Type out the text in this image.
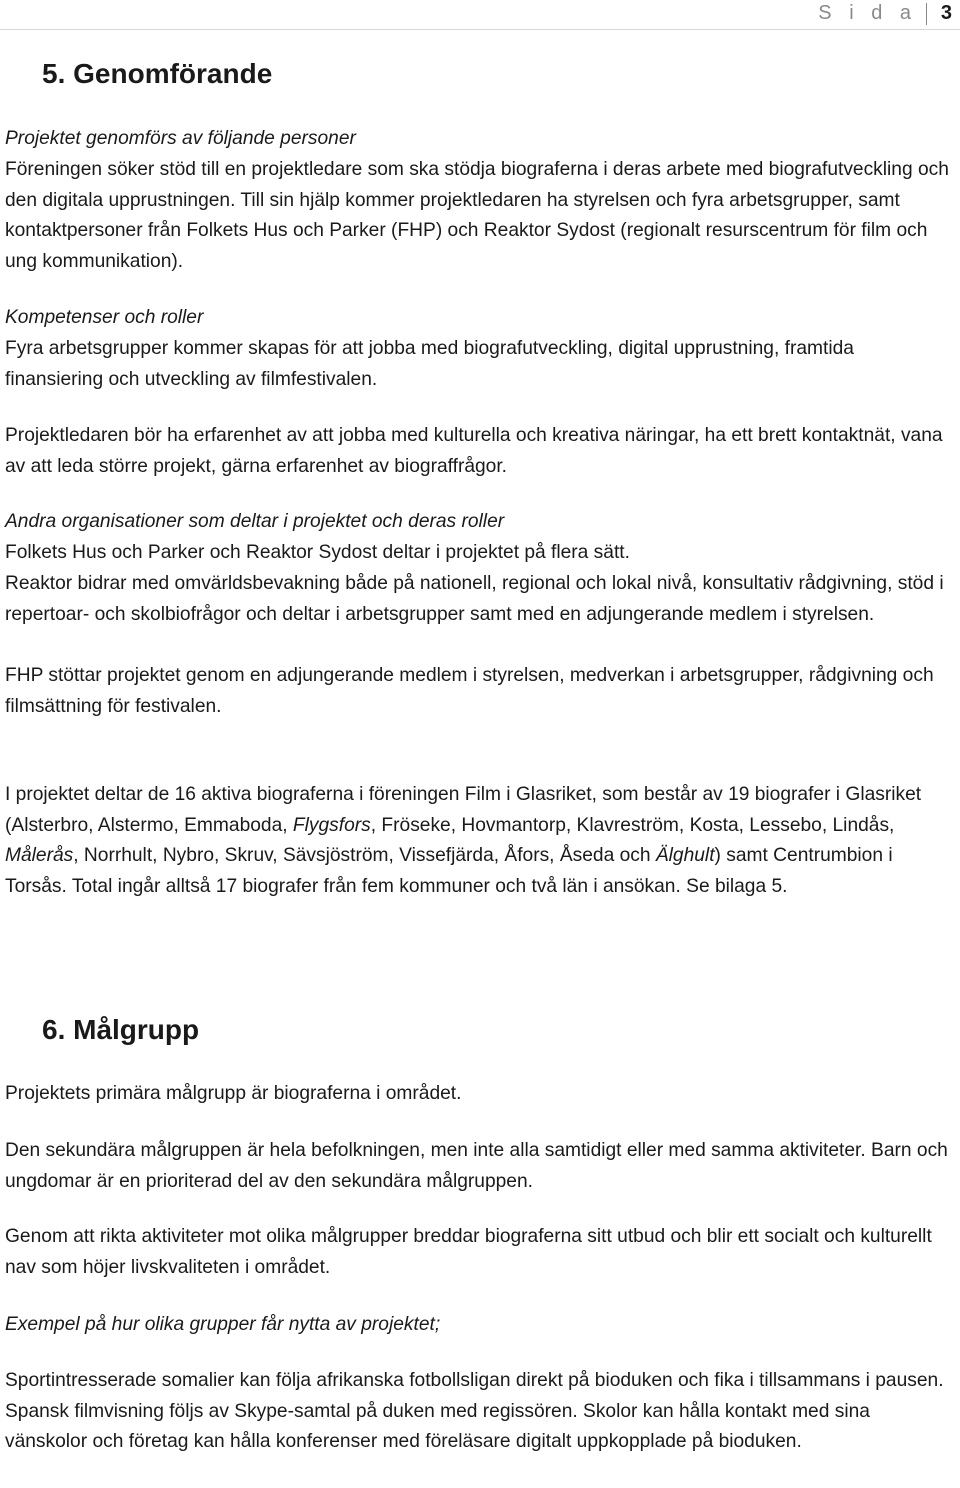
S i d a 3
5. Genomförande

Projektet genomförs av följande personer

Föreningen söker stöd till en projektledare som ska stödja biograferna i deras arbete med biografutveckling och den digitala upprustningen. Till sin hjälp kommer projektledaren ha styrelsen och fyra arbetsgrupper, samt kontaktpersoner från Folkets Hus och Parker (FHP) och Reaktor Sydost (regionalt resurscentrum för film och ung kommunikation).

Kompetenser och roller

Fyra arbetsgrupper kommer skapas för att jobba med biografutveckling, digital upprustning, framtida finansiering och utveckling av filmfestivalen.

Projektledaren bör ha erfarenhet av att jobba med kulturella och kreativa näringar, ha ett brett kontaktnät, vana av att leda större projekt, gärna erfarenhet av biograffrågor.

Andra organisationer som deltar i projektet och deras roller

Folkets Hus och Parker och Reaktor Sydost deltar i projektet på flera sätt.

Reaktor bidrar med omvärldsbevakning både på nationell, regional och lokal nivå, konsultativ rådgivning, stöd i repertoar- och skolbiofrågor och deltar i arbetsgrupper samt med en adjungerande medlem i styrelsen.

FHP stöttar projektet genom en adjungerande medlem i styrelsen, medverkan i arbetsgrupper, rådgivning och filmsättning för festivalen.

I projektet deltar de 16 aktiva biograferna i föreningen Film i Glasriket, som består av 19 biografer i Glasriket (Alsterbro, Alstermo, Emmaboda, Flygsfors, Fröseke, Hovmantorp, Klavreström, Kosta, Lessebo, Lindås, Målerås, Norrhult, Nybro, Skruv, Sävsjöström, Vissefjärda, Åfors, Åseda och Älghult) samt Centrumbion i Torsås. Total ingår alltså 17 biografer från fem kommuner och två län i ansökan. Se bilaga 5.

6. Målgrupp

Projektets primära målgrupp är biograferna i området.

Den sekundära målgruppen är hela befolkningen, men inte alla samtidigt eller med samma aktiviteter. Barn och ungdomar är en prioriterad del av den sekundära målgruppen.

Genom att rikta aktiviteter mot olika målgrupper breddar biograferna sitt utbud och blir ett socialt och kulturellt nav som höjer livskvaliteten i området.

Exempel på hur olika grupper får nytta av projektet;

Sportintresserade somalier kan följa afrikanska fotbollsligan direkt på bioduken och fika i tillsammans i pausen. Spansk filmvisning följs av Skype-samtal på duken med regissören. Skolor kan hålla kontakt med sina vänskolor och företag kan hålla konferenser med föreläsare digitalt uppkopplade på bioduken.
